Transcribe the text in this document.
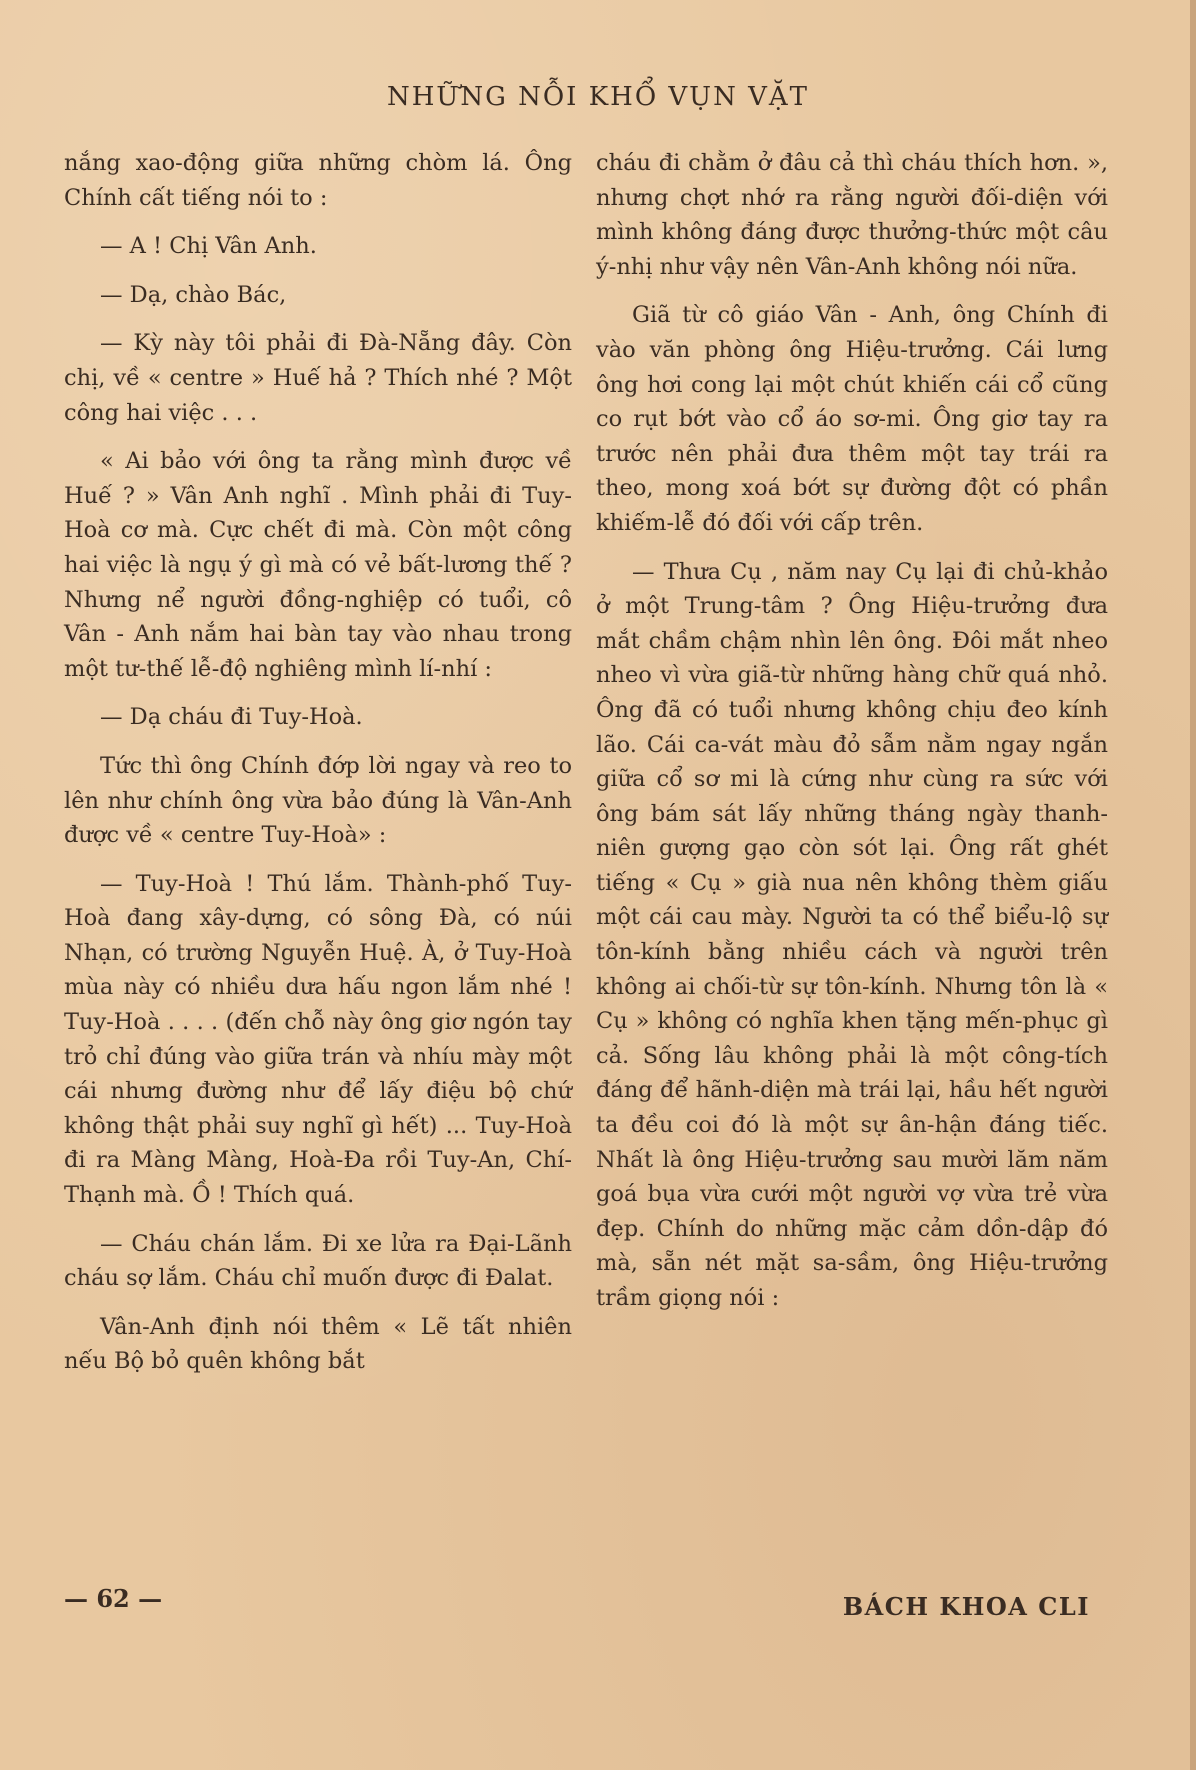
NHỮNG NỖI KHỔ VỤN VẶT

nắng xao-động giữa những chòm lá. Ông Chính cất tiếng nói to :

— A ! Chị Vân Anh.

— Dạ, chào Bác,

— Kỳ này tôi phải đi Đà-Nẵng đây. Còn chị, về « centre » Huế hả ? Thích nhé ? Một công hai việc . . .

« Ai bảo với ông ta rằng mình được về Huế ? » Vân Anh nghĩ . Mình phải đi Tuy-Hoà cơ mà. Cực chết đi mà. Còn một công hai việc là ngụ ý gì mà có vẻ bất-lương thế ? Nhưng nể người đồng-nghiệp có tuổi, cô Vân - Anh nắm hai bàn tay vào nhau trong một tư-thế lễ-độ nghiêng mình lí-nhí :

— Dạ cháu đi Tuy-Hoà.

Tức thì ông Chính đớp lời ngay và reo to lên như chính ông vừa bảo đúng là Vân-Anh được về « centre Tuy-Hoà» :

— Tuy-Hoà ! Thú lắm. Thành-phố Tuy-Hoà đang xây-dựng, có sông Đà, có núi Nhạn, có trường Nguyễn Huệ. À, ở Tuy-Hoà mùa này có nhiều dưa hấu ngon lắm nhé ! Tuy-Hoà . . . . (đến chỗ này ông giơ ngón tay trỏ chỉ đúng vào giữa trán và nhíu mày một cái nhưng đường như để lấy điệu bộ chứ không thật phải suy nghĩ gì hết) ... Tuy-Hoà đi ra Màng Màng, Hoà-Đa rồi Tuy-An, Chí-Thạnh mà. Ồ ! Thích quá.

— Cháu chán lắm. Đi xe lửa ra Đại-Lãnh cháu sợ lắm. Cháu chỉ muốn được đi Đalat.

Vân-Anh định nói thêm « Lẽ tất nhiên nếu Bộ bỏ quên không bắt

cháu đi chằm ở đâu cả thì cháu thích hơn. », nhưng chợt nhớ ra rằng người đối-diện với mình không đáng được thưởng-thức một câu ý-nhị như vậy nên Vân-Anh không nói nữa.

Giã từ cô giáo Vân - Anh, ông Chính đi vào văn phòng ông Hiệu-trưởng. Cái lưng ông hơi cong lại một chút khiến cái cổ cũng co rụt bớt vào cổ áo sơ-mi. Ông giơ tay ra trước nên phải đưa thêm một tay trái ra theo, mong xoá bớt sự đường đột có phần khiếm-lễ đó đối với cấp trên.

— Thưa Cụ , năm nay Cụ lại đi chủ-khảo ở một Trung-tâm ? Ông Hiệu-trưởng đưa mắt chầm chậm nhìn lên ông. Đôi mắt nheo nheo vì vừa giã-từ những hàng chữ quá nhỏ. Ông đã có tuổi nhưng không chịu đeo kính lão. Cái ca-vát màu đỏ sẫm nằm ngay ngắn giữa cổ sơ mi là cứng như cùng ra sức với ông bám sát lấy những tháng ngày thanh-niên gượng gạo còn sót lại. Ông rất ghét tiếng « Cụ » già nua nên không thèm giấu một cái cau mày. Người ta có thể biểu-lộ sự tôn-kính bằng nhiều cách và người trên không ai chối-từ sự tôn-kính. Nhưng tôn là « Cụ » không có nghĩa khen tặng mến-phục gì cả. Sống lâu không phải là một công-tích đáng để hãnh-diện mà trái lại, hầu hết người ta đều coi đó là một sự ân-hận đáng tiếc. Nhất là ông Hiệu-trưởng sau mười lăm năm goá bụa vừa cưới một người vợ vừa trẻ vừa đẹp. Chính do những mặc cảm dồn-dập đó mà, sẵn nét mặt sa-sầm, ông Hiệu-trưởng trầm giọng nói :

— 62 —	BÁCH KHOA CLI
